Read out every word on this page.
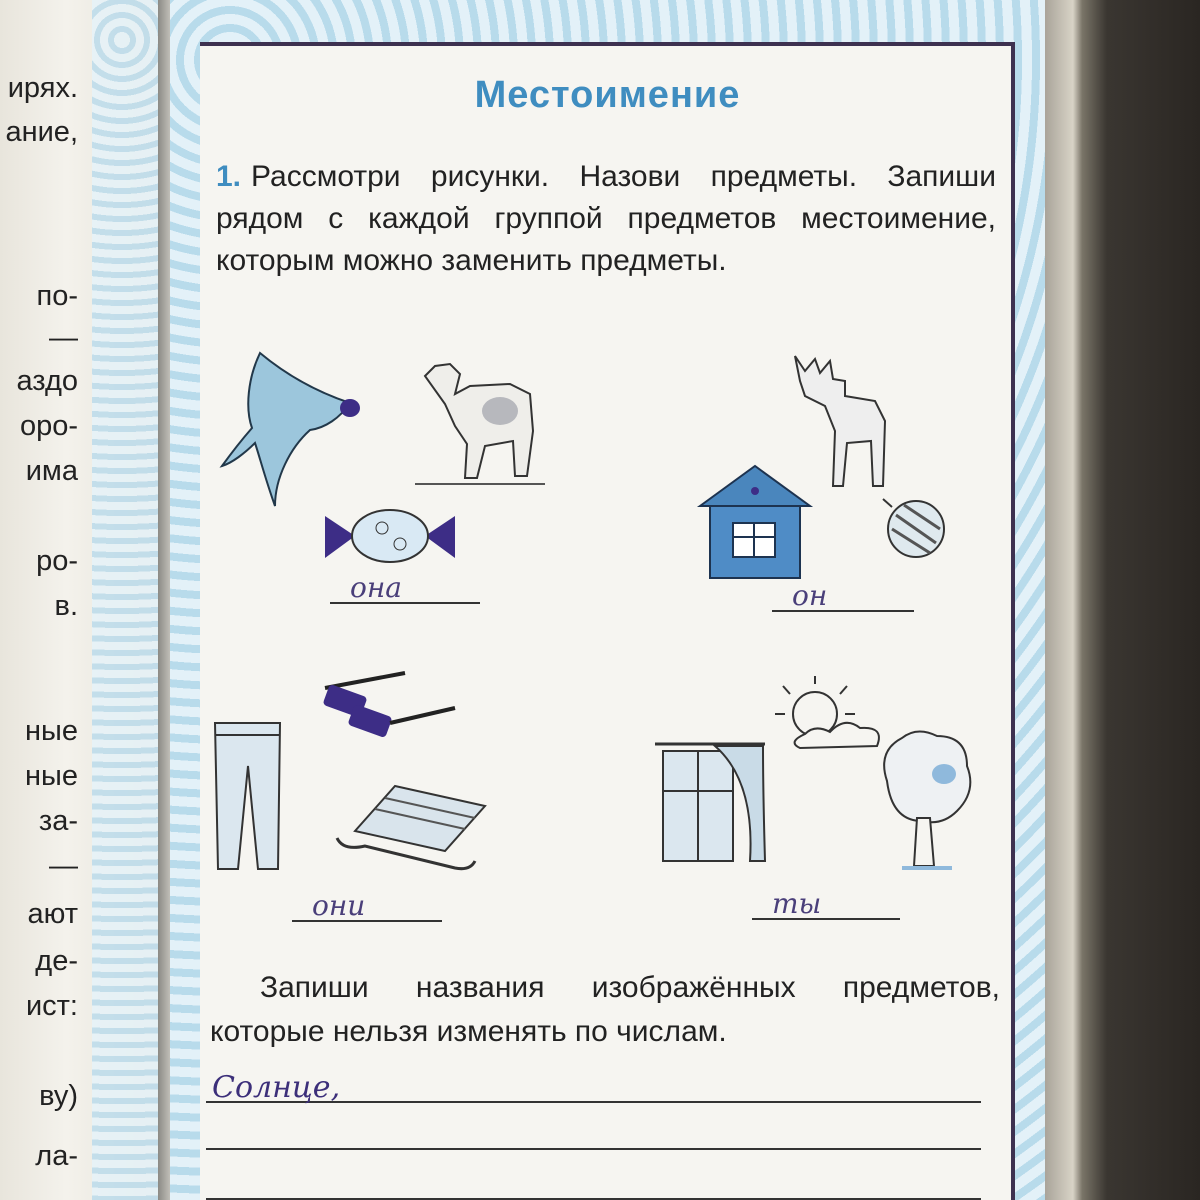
ирях.
ание,
по-
—
аздо
оро-
има
ро-
в.
ные
ные
за-
—
ают
де-
ист:
ву)
ла-
Местоимение
1. Рассмотри рисунки. Назови предметы. Запиши рядом с каждой группой предметов местоимение, которым можно заменить предметы.
она	он
они	ты
Запиши названия изображённых предметов, которые нельзя изменять по числам.
Солнце,
